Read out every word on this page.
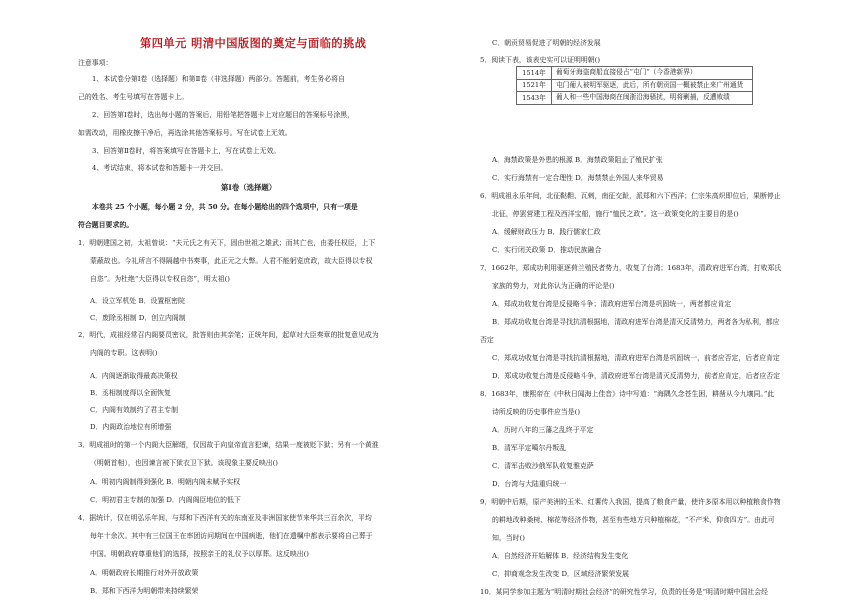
第四单元 明清中国版图的奠定与面临的挑战
注意事项：
1、本试卷分第Ⅰ卷（选择题）和第Ⅱ卷（非选择题）两部分。答题前，考生务必将自
己的姓名、考生号填写在答题卡上。
2、回答第Ⅰ卷时，选出每小题的答案后，用铅笔把答题卡上对应题目的答案标号涂黑，
如需改动，用橡皮擦干净后，再选涂其他答案标号。写在试卷上无效。
3、回答第Ⅱ卷时，将答案填写在答题卡上，写在试卷上无效。
4、考试结束，将本试卷和答题卡一并交回。
第Ⅰ卷（选择题）
本卷共 25 个小题，每小题 2 分，共 50 分。在每小题给出的四个选项中，只有一项是
符合题目要求的。
1．明朝建国之初，太祖曾说：“夫元氏之有天下，固由世祖之雄武；而其亡也，由委任权臣，上下
蒙蔽故也。今礼所言不得隔越中书奏事，此正元之大弊。人君不能躬览庶政，故大臣得以专权
自恣”。为杜绝“大臣得以专权自恣”，明太祖()
A．设立军机处 B．设置枢密院
C．废除丞相制 D．创立内阁制
2．明代，成祖经常召内阁要员密议，批答则由其亲笔；正统年间，起草对大臣奏章的批复意见成为
内阁的专职。这表明()
A．内阁逐渐取得最高决策权
B．丞相制度得以全面恢复
C．内阁有效制约了君主专制
D．内阁政治地位有所增强
3．明成祖时的第一个内阁大臣解缙，仅因故于向皇帝直言犯谏，结果一度被贬下狱；另有一个黄淮
（明朝首相），也因谏言被下狱衣卫下狱。该现象主要反映出()
A．明初内阁制得到强化 B．明朝内阁未赋予实权
C．明初君主专制的加强 D．内阁阁臣地位的低下
4．据统计，仅在明弘乐年间，与郑和下西洋有关的东南亚及非洲国家使节来华共三百余次，平均
每年十余次。其中有三位国王在率团访问期间在中国病逝，他们在遗嘱中都表示要将自己葬于
中国。明朝政府尊重他们的选择，按照亲王的礼仪予以厚葬。这反映出()
A．明朝政府长期推行对外开放政策
B．郑和下西洋为明朝带来持续繁荣
C．朝贡贸易促进了明朝的经济发展
5．阅读下表，该表史实可以证明明朝()
1514年	葡萄牙海盗商船直接侵占“屯门”（今香港新界）
1521年	屯门葡人被明军驱逐，此后，所有朝贡国一概被禁止来广州通货
1543年	葡人和一些中国海商在闽浙沿海骚扰，明将剿捕，反遭败绩
A．海禁政策是外患的根源 B．海禁政策阻止了殖民扩张
C．实行海禁有一定合理性 D．海禁禁止外国人来华贸易
6．明成祖永乐年间，北征鞑靼、瓦剌，南征交趾，派郑和六下西洋；仁宗朱高炽即位后，果断停止
北征，停罢营建工程及西洋宝船，施行“恤民之政”。这一政策变化的主要目的是()
A．缓解财政压力 B．践行儒家仁政
C．实行闭关政策 D．推动民族融合
7．1662年，郑成功利用驱逐荷兰殖民者势力，收复了台湾；1683年，清政府进军台湾，打败郑氏
家族的势力，对此你认为正确的评论是()
A．郑成功收复台湾是反侵略斗争；清政府进军台湾是巩固统一，两者都应肯定
B．郑成功收复台湾是寻找抗清根据地，清政府进军台湾是清灭反清势力，两者各为私利，都应
否定
C．郑成功收复台湾是寻找抗清根据地，清政府进军台湾是巩固统一，前者应否定，后者应肯定
D．郑成功收复台湾是反侵略斗争，清政府进军台湾是清灭反清势力，前者应肯定，后者应否定
8．1683年，康熙帝在《中秋日闻海上佳音》诗中写道：“海隅久念苍生困，耕凿从今九壤同。”此
诗所反映的历史事件应当是()
A．历时八年的三藩之乱终于平定
B．清军平定噶尔丹叛乱
C．清军击败沙俄军队收复雅克萨
D．台湾与大陆重归统一
9．明朝中后期，原产美洲的玉米、红薯传入我国，提高了粮食产量，使许多原本用以种植粮食作物
的耕地改种桑树、棉花等经济作物，甚至有些地方只种植棉花，“不产米，仰食四方”。由此可
知，当时()
A．自然经济开始解体 B．经济结构发生变化
C．抑商观念发生改变 D．区域经济繁荣发展
10．某同学参加主题为“明清时期社会经济”的研究性学习，负责的任务是“明清时期中国社会经
